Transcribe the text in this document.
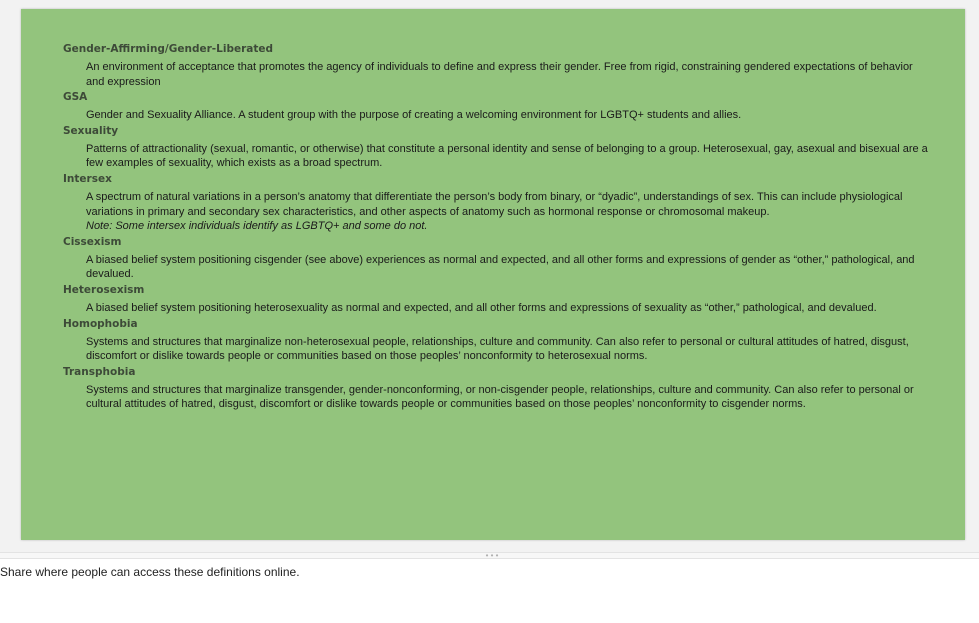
Gender-Affirming/Gender-Liberated

An environment of acceptance that promotes the agency of individuals to define and express their gender. Free from rigid, constraining gendered expectations of behavior and expression

GSA

Gender and Sexuality Alliance. A student group with the purpose of creating a welcoming environment for LGBTQ+ students and allies.

Sexuality

Patterns of attractionality (sexual, romantic, or otherwise) that constitute a personal identity and sense of belonging to a group. Heterosexual, gay, asexual and bisexual are a few examples of sexuality, which exists as a broad spectrum.

Intersex

A spectrum of natural variations in a person’s anatomy that differentiate the person’s body from binary, or “dyadic”, understandings of sex. This can include physiological variations in primary and secondary sex characteristics, and other aspects of anatomy such as hormonal response or chromosomal makeup.
Note: Some intersex individuals identify as LGBTQ+ and some do not.

Cissexism

A biased belief system positioning cisgender (see above) experiences as normal and expected, and all other forms and expressions of gender as “other,” pathological, and devalued.

Heterosexism

A biased belief system positioning heterosexuality as normal and expected, and all other forms and expressions of sexuality as “other,” pathological, and devalued.

Homophobia

Systems and structures that marginalize non-heterosexual people, relationships, culture and community. Can also refer to personal or cultural attitudes of hatred, disgust, discomfort or dislike towards people or communities based on those peoples’ nonconformity to heterosexual norms.

Transphobia

Systems and structures that marginalize transgender, gender-nonconforming, or non-cisgender people, relationships, culture and community. Can also refer to personal or cultural attitudes of hatred, disgust, discomfort or dislike towards people or communities based on those peoples’ nonconformity to cisgender norms.

• • •
Share where people can access these definitions online.
